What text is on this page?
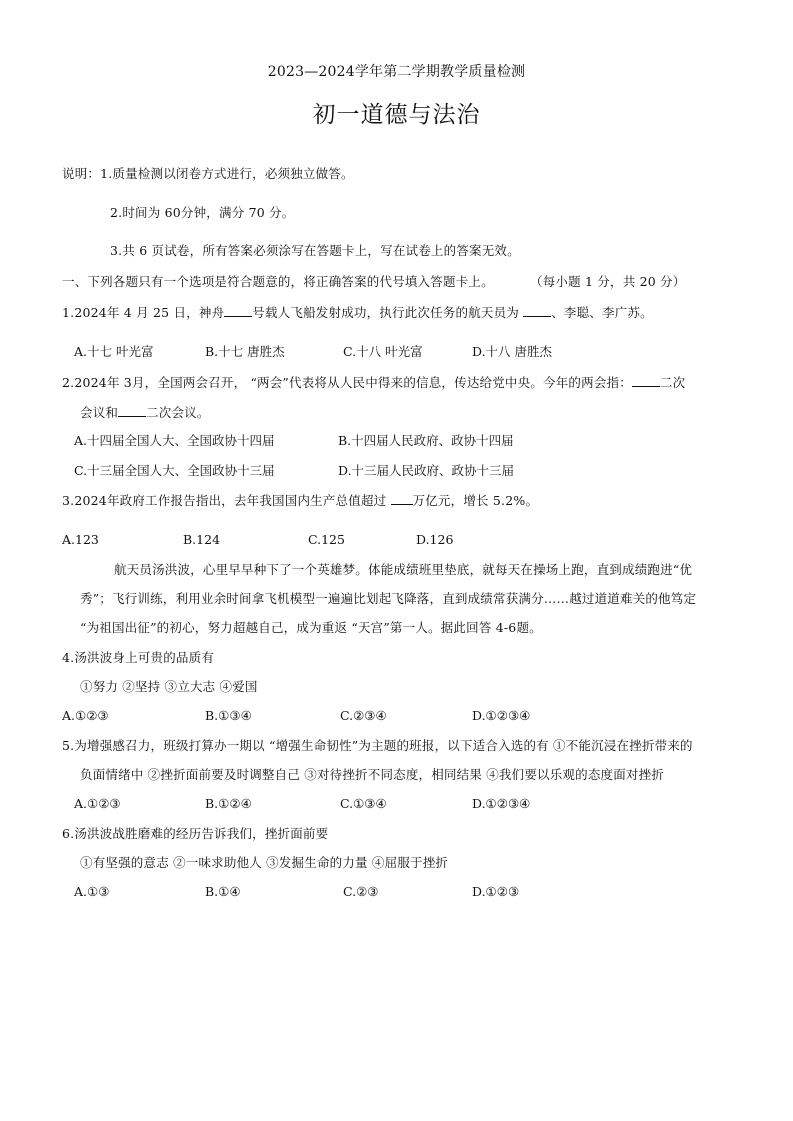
2023—2024学年第二学期教学质量检测
初一道德与法治
说明：1.质量检测以闭卷方式进行，必须独立做答。
2.时间为 60分钟，满分 70 分。
3.共 6 页试卷，所有答案必须涂写在答题卡上，写在试卷上的答案无效。
一、下列各题只有一个选项是符合题意的，将正确答案的代号填入答题卡上。	（每小题 1 分，共 20 分）
1.2024年 4 月 25 日，神舟 号载人飞船发射成功，执行此次任务的航天员为	、李聪、李广苏。
A.十七 叶光富	B.十七 唐胜杰	C.十八 叶光富	D.十八 唐胜杰
2.2024年 3月，全国两会召开， “两会”代表将从人民中得来的信息，传达给党中央。今年的两会指： 二次
会议和 二次会议。
A.十四届全国人大、全国政协十四届	B.十四届人民政府、政协十四届
C.十三届全国人大、全国政协十三届	D.十三届人民政府、政协十三届
3.2024年政府工作报告指出，去年我国国内生产总值超过 万亿元，增长 5.2%。
A.123	B.124	C.125	D.126
航天员汤洪波，心里早早种下了一个英雄梦。体能成绩班里垫底，就每天在操场上跑，直到成绩跑进“优
秀”；飞行训练，利用业余时间拿飞机模型一遍遍比划起飞降落，直到成绩常获满分……越过道道难关的他笃定
“为祖国出征”的初心，努力超越自己，成为重返 “天宫”第一人。据此回答 4-6题。
4.汤洪波身上可贵的品质有
①努力 ②坚持 ③立大志 ④爱国
A.①②③	B.①③④	C.②③④	D.①②③④
5.为增强感召力，班级打算办一期以 “增强生命韧性”为主题的班报，以下适合入选的有 ①不能沉浸在挫折带来的
负面情绪中 ②挫折面前要及时调整自己 ③对待挫折不同态度，相同结果 ④我们要以乐观的态度面对挫折
A.①②③	B.①②④	C.①③④	D.①②③④
6.汤洪波战胜磨难的经历告诉我们，挫折面前要
①有坚强的意志 ②一味求助他人 ③发掘生命的力量 ④屈服于挫折
A.①③	B.①④	C.②③	D.①②③
